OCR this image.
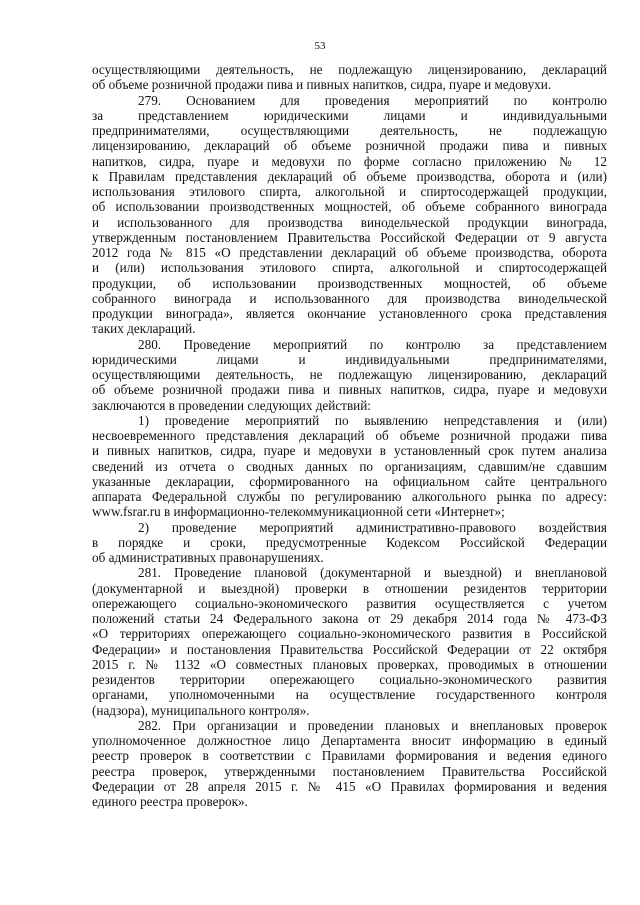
53
осуществляющими деятельность, не подлежащую лицензированию, деклараций
об объеме розничной продажи пива и пивных напитков, сидра, пуаре и медовухи.
279. Основанием для проведения мероприятий по контролю
за представлением юридическими лицами и индивидуальными
предпринимателями, осуществляющими деятельность, не подлежащую
лицензированию, деклараций об объеме розничной продажи пива и пивных
напитков, сидра, пуаре и медовухи по форме согласно приложению № 12
к Правилам представления деклараций об объеме производства, оборота и (или)
использования этилового спирта, алкогольной и спиртосодержащей продукции,
об использовании производственных мощностей, об объеме собранного винограда
и использованного для производства винодельческой продукции винограда,
утвержденным постановлением Правительства Российской Федерации от 9 августа
2012 года № 815 «О представлении деклараций об объеме производства, оборота
и (или) использования этилового спирта, алкогольной и спиртосодержащей
продукции, об использовании производственных мощностей, об объеме
собранного винограда и использованного для производства винодельческой
продукции винограда», является окончание установленного срока представления
таких деклараций.
280. Проведение мероприятий по контролю за представлением
юридическими лицами и индивидуальными предпринимателями,
осуществляющими деятельность, не подлежащую лицензированию, деклараций
об объеме розничной продажи пива и пивных напитков, сидра, пуаре и медовухи
заключаются в проведении следующих действий:
1) проведение мероприятий по выявлению непредставления и (или)
несвоевременного представления деклараций об объеме розничной продажи пива
и пивных напитков, сидра, пуаре и медовухи в установленный срок путем анализа
сведений из отчета о сводных данных по организациям, сдавшим/не сдавшим
указанные декларации, сформированного на официальном сайте центрального
аппарата Федеральной службы по регулированию алкогольного рынка по адресу:
www.fsrar.ru в информационно-телекоммуникационной сети «Интернет»;
2) проведение мероприятий административно-правового воздействия
в порядке и сроки, предусмотренные Кодексом Российской Федерации
об административных правонарушениях.
281. Проведение плановой (документарной и выездной) и внеплановой
(документарной и выездной) проверки в отношении резидентов территории
опережающего социально-экономического развития осуществляется с учетом
положений статьи 24 Федерального закона от 29 декабря 2014 года № 473-ФЗ
«О территориях опережающего социально-экономического развития в Российской
Федерации» и постановления Правительства Российской Федерации от 22 октября
2015 г. № 1132 «О совместных плановых проверках, проводимых в отношении
резидентов территории опережающего социально-экономического развития
органами, уполномоченными на осуществление государственного контроля
(надзора), муниципального контроля».
282. При организации и проведении плановых и внеплановых проверок
уполномоченное должностное лицо Департамента вносит информацию в единый
реестр проверок в соответствии с Правилами формирования и ведения единого
реестра проверок, утвержденными постановлением Правительства Российской
Федерации от 28 апреля 2015 г. № 415 «О Правилах формирования и ведения
единого реестра проверок».
